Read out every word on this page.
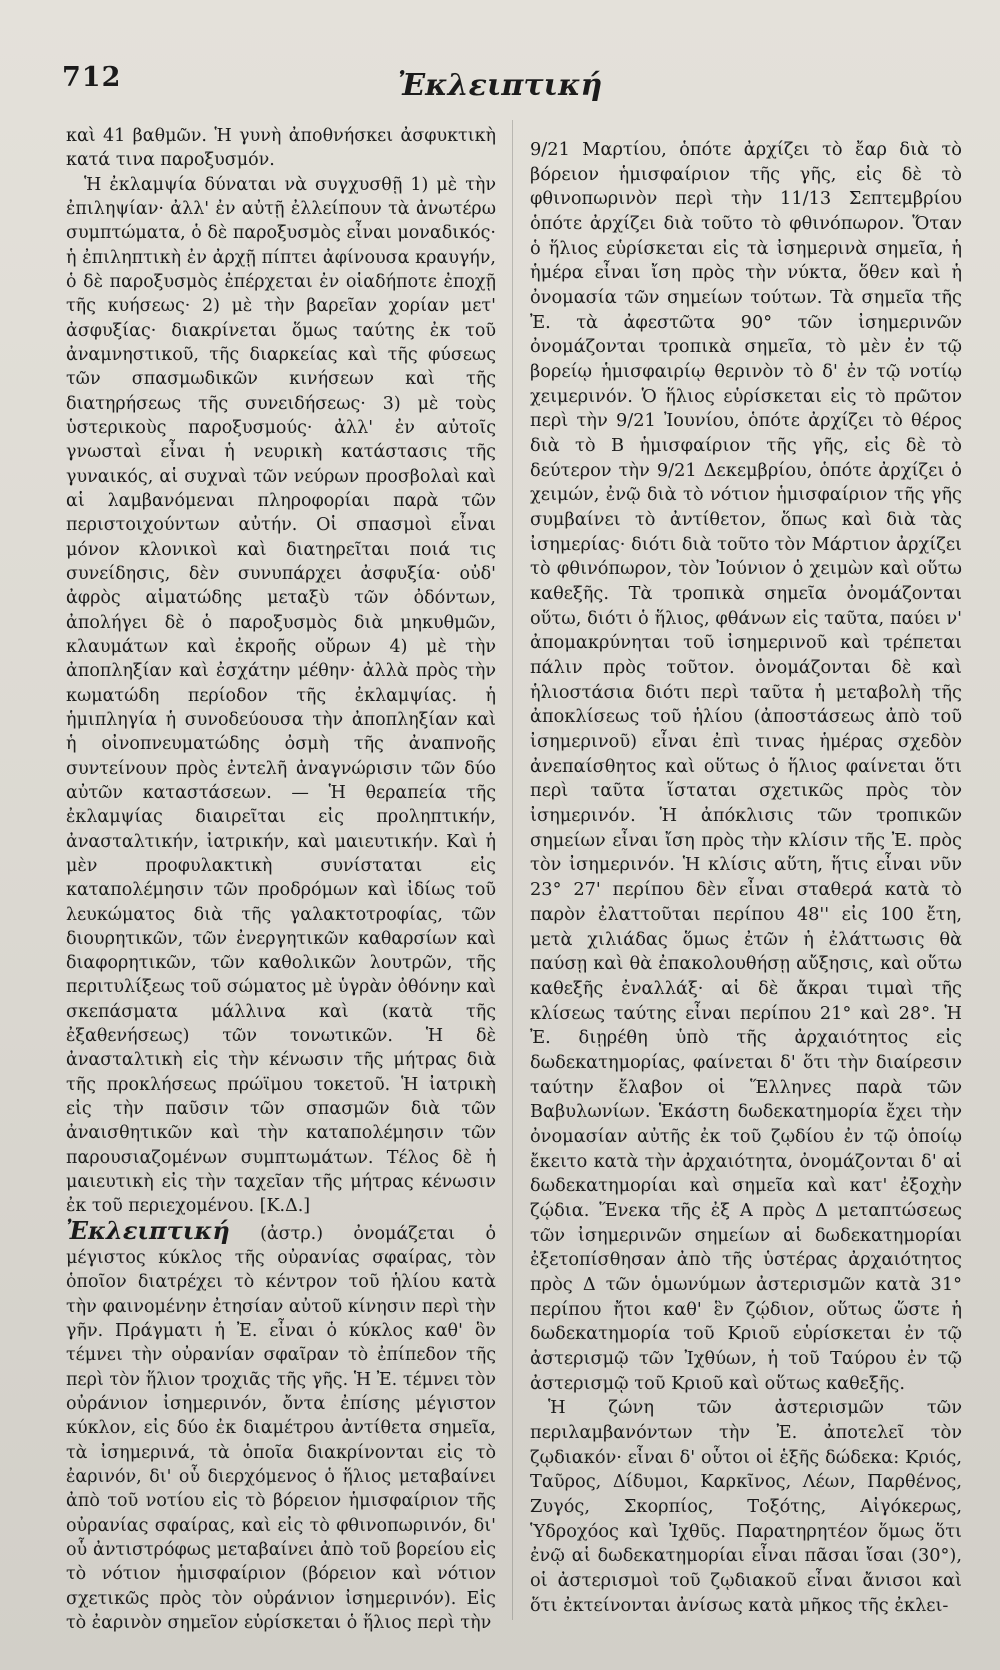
712	Ἐκλειπτική

καὶ 41 βαθμῶν. Ἡ γυνὴ ἀποθνήσκει ἀσφυκτικὴ κατά τινα παροξυσμόν.

Ἡ ἐκλαμψία δύναται νὰ συγχυσθῇ 1) μὲ τὴν ἐπιληψίαν· ἀλλ' ἐν αὐτῇ ἐλλείπουν τὰ ἀνωτέρω συμπτώματα, ὁ δὲ παροξυσμὸς εἶναι μοναδικός· ἡ ἐπιληπτικὴ ἐν ἀρχῇ πίπτει ἀφίνουσα κραυγήν, ὁ δὲ παροξυσμὸς ἐπέρχεται ἐν οἱαδήποτε ἐποχῇ τῆς κυήσεως· 2) μὲ τὴν βαρεῖαν χορίαν μετ' ἀσφυξίας· διακρίνεται ὅμως ταύτης ἐκ τοῦ ἀναμνηστικοῦ, τῆς διαρκείας καὶ τῆς φύσεως τῶν σπασμωδικῶν κινήσεων καὶ τῆς διατηρήσεως τῆς συνειδήσεως· 3) μὲ τοὺς ὑστερικοὺς παροξυσμούς· ἀλλ' ἐν αὐτοῖς γνωσταὶ εἶναι ἡ νευρικὴ κατάστασις τῆς γυναικός, αἱ συχναὶ τῶν νεύρων προσβολαὶ καὶ αἱ λαμβανόμεναι πληροφορίαι παρὰ τῶν περιστοιχούντων αὐτήν. Οἱ σπασμοὶ εἶναι μόνον κλονικοὶ καὶ διατηρεῖται ποιά τις συνείδησις, δὲν συνυπάρχει ἀσφυξία· οὐδ' ἀφρὸς αἱματώδης μεταξὺ τῶν ὀδόντων, ἀπολήγει δὲ ὁ παροξυσμὸς διὰ μηκυθμῶν, κλαυμάτων καὶ ἐκροῆς οὔρων 4) μὲ τὴν ἀποπληξίαν καὶ ἐσχάτην μέθην· ἀλλὰ πρὸς τὴν κωματώδη περίοδον τῆς ἐκλαμψίας. ἡ ἡμιπληγία ἡ συνοδεύουσα τὴν ἀποπληξίαν καὶ ἡ οἰνοπνευματώδης ὀσμὴ τῆς ἀναπνοῆς συντείνουν πρὸς ἐντελῆ ἀναγνώρισιν τῶν δύο αὐτῶν καταστάσεων. — Ἡ θεραπεία τῆς ἐκλαμψίας διαιρεῖται εἰς προληπτικήν, ἀνασταλτικήν, ἰατρικήν, καὶ μαιευτικήν. Καὶ ἡ μὲν προφυλακτικὴ συνίσταται εἰς καταπολέμησιν τῶν προδρόμων καὶ ἰδίως τοῦ λευκώματος διὰ τῆς γαλακτοτροφίας, τῶν διουρητικῶν, τῶν ἐνεργητικῶν καθαρσίων καὶ διαφορητικῶν, τῶν καθολικῶν λουτρῶν, τῆς περιτυλίξεως τοῦ σώματος μὲ ὑγρὰν ὀθόνην καὶ σκεπάσματα μάλλινα καὶ (κατὰ τῆς ἐξαθενήσεως) τῶν τονωτικῶν. Ἡ δὲ ἀνασταλτικὴ εἰς τὴν κένωσιν τῆς μήτρας διὰ τῆς προκλήσεως πρώϊμου τοκετοῦ. Ἡ ἰατρικὴ εἰς τὴν παῦσιν τῶν σπασμῶν διὰ τῶν ἀναισθητικῶν καὶ τὴν καταπολέμησιν τῶν παρουσιαζομένων συμπτωμάτων. Τέλος δὲ ἡ μαιευτικὴ εἰς τὴν ταχεῖαν τῆς μήτρας κένωσιν ἐκ τοῦ περιεχομένου. [Κ.Δ.]

Ἐκλειπτική (ἀστρ.) ὀνομάζεται ὁ μέγιστος κύκλος τῆς οὐρανίας σφαίρας, τὸν ὁποῖον διατρέχει τὸ κέντρον τοῦ ἡλίου κατὰ τὴν φαινομένην ἐτησίαν αὐτοῦ κίνησιν περὶ τὴν γῆν. Πράγματι ἡ Ἐ. εἶναι ὁ κύκλος καθ' ὃν τέμνει τὴν οὐρανίαν σφαῖραν τὸ ἐπίπεδον τῆς περὶ τὸν ἥλιον τροχιᾶς τῆς γῆς. Ἡ Ἐ. τέμνει τὸν οὐράνιον ἰσημερινόν, ὄντα ἐπίσης μέγιστον κύκλον, εἰς δύο ἐκ διαμέτρου ἀντίθετα σημεῖα, τὰ ἰσημερινά, τὰ ὁποῖα διακρίνονται εἰς τὸ ἐαρινόν, δι' οὗ διερχόμενος ὁ ἥλιος μεταβαίνει ἀπὸ τοῦ νοτίου εἰς τὸ βόρειον ἡμισφαίριον τῆς οὐρανίας σφαίρας, καὶ εἰς τὸ φθινοπωρινόν, δι' οὗ ἀντιστρόφως μεταβαίνει ἀπὸ τοῦ βορείου εἰς τὸ νότιον ἡμισφαίριον (βόρειον καὶ νότιον σχετικῶς πρὸς τὸν οὐράνιον ἰσημερινόν). Εἰς τὸ ἐαρινὸν σημεῖον εὑρίσκεται ὁ ἥλιος περὶ τὴν

9/21 Μαρτίου, ὁπότε ἀρχίζει τὸ ἔαρ διὰ τὸ βόρειον ἡμισφαίριον τῆς γῆς, εἰς δὲ τὸ φθινοπωρινὸν περὶ τὴν 11/13 Σεπτεμβρίου ὁπότε ἀρχίζει διὰ τοῦτο τὸ φθινόπωρον. Ὅταν ὁ ἥλιος εὑρίσκεται εἰς τὰ ἰσημερινὰ σημεῖα, ἡ ἡμέρα εἶναι ἴση πρὸς τὴν νύκτα, ὅθεν καὶ ἡ ὀνομασία τῶν σημείων τούτων. Τὰ σημεῖα τῆς Ἐ. τὰ ἀφεστῶτα 90° τῶν ἰσημερινῶν ὀνομάζονται τροπικὰ σημεῖα, τὸ μὲν ἐν τῷ βορείῳ ἡμισφαιρίῳ θερινὸν τὸ δ' ἐν τῷ νοτίῳ χειμερινόν. Ὁ ἥλιος εὑρίσκεται εἰς τὸ πρῶτον περὶ τὴν 9/21 Ἰουνίου, ὁπότε ἀρχίζει τὸ θέρος διὰ τὸ Β ἡμισφαίριον τῆς γῆς, εἰς δὲ τὸ δεύτερον τὴν 9/21 Δεκεμβρίου, ὁπότε ἀρχίζει ὁ χειμών, ἐνῷ διὰ τὸ νότιον ἡμισφαίριον τῆς γῆς συμβαίνει τὸ ἀντίθετον, ὅπως καὶ διὰ τὰς ἰσημερίας· διότι διὰ τοῦτο τὸν Μάρτιον ἀρχίζει τὸ φθινόπωρον, τὸν Ἰούνιον ὁ χειμὼν καὶ οὕτω καθεξῆς. Τὰ τροπικὰ σημεῖα ὀνομάζονται οὕτω, διότι ὁ ἥλιος, φθάνων εἰς ταῦτα, παύει ν' ἀπομακρύνηται τοῦ ἰσημερινοῦ καὶ τρέπεται πάλιν πρὸς τοῦτον. ὀνομάζονται δὲ καὶ ἡλιοστάσια διότι περὶ ταῦτα ἡ μεταβολὴ τῆς ἀποκλίσεως τοῦ ἡλίου (ἀποστάσεως ἀπὸ τοῦ ἰσημερινοῦ) εἶναι ἐπὶ τινας ἡμέρας σχεδὸν ἀνεπαίσθητος καὶ οὕτως ὁ ἥλιος φαίνεται ὅτι περὶ ταῦτα ἵσταται σχετικῶς πρὸς τὸν ἰσημερινόν. Ἡ ἀπόκλισις τῶν τροπικῶν σημείων εἶναι ἴση πρὸς τὴν κλίσιν τῆς Ἐ. πρὸς τὸν ἰσημερινόν. Ἡ κλίσις αὕτη, ἥτις εἶναι νῦν 23° 27' περίπου δὲν εἶναι σταθερά κατὰ τὸ παρὸν ἐλαττοῦται περίπου 48'' εἰς 100 ἔτη, μετὰ χιλιάδας ὅμως ἐτῶν ἡ ἐλάττωσις θὰ παύσῃ καὶ θὰ ἐπακολουθήσῃ αὔξησις, καὶ οὕτω καθεξῆς ἐναλλάξ· αἱ δὲ ἄκραι τιμαὶ τῆς κλίσεως ταύτης εἶναι περίπου 21° καὶ 28°. Ἡ Ἐ. διῃρέθη ὑπὸ τῆς ἀρχαιότητος εἰς δωδεκατημορίας, φαίνεται δ' ὅτι τὴν διαίρεσιν ταύτην ἔλαβον οἱ Ἕλληνες παρὰ τῶν Βαβυλωνίων. Ἑκάστη δωδεκατημορία ἔχει τὴν ὀνομασίαν αὐτῆς ἐκ τοῦ ζῳδίου ἐν τῷ ὁποίῳ ἔκειτο κατὰ τὴν ἀρχαιότητα, ὀνομάζονται δ' αἱ δωδεκατημορίαι καὶ σημεῖα καὶ κατ' ἐξοχὴν ζῴδια. Ἕνεκα τῆς ἐξ Α πρὸς Δ μεταπτώσεως τῶν ἰσημερινῶν σημείων αἱ δωδεκατημορίαι ἐξετοπίσθησαν ἀπὸ τῆς ὑστέρας ἀρχαιότητος πρὸς Δ τῶν ὁμωνύμων ἀστερισμῶν κατὰ 31° περίπου ἤτοι καθ' ἓν ζῴδιον, οὕτως ὥστε ἡ δωδεκατημορία τοῦ Κριοῦ εὑρίσκεται ἐν τῷ ἀστερισμῷ τῶν Ἰχθύων, ἡ τοῦ Ταύρου ἐν τῷ ἀστερισμῷ τοῦ Κριοῦ καὶ οὕτως καθεξῆς.

Ἡ ζώνη τῶν ἀστερισμῶν τῶν περιλαμβανόντων τὴν Ἐ. ἀποτελεῖ τὸν ζῳδιακόν· εἶναι δ' οὗτοι οἱ ἑξῆς δώδεκα: Κριός, Ταῦρος, Δίδυμοι, Καρκῖνος, Λέων, Παρθένος, Ζυγός, Σκορπίος, Τοξότης, Αἰγόκερως, Ὑδροχόος καὶ Ἰχθῦς. Παρατηρητέον ὅμως ὅτι ἐνῷ αἱ δωδεκατημορίαι εἶναι πᾶσαι ἴσαι (30°), οἱ ἀστερισμοὶ τοῦ ζῳδιακοῦ εἶναι ἄνισοι καὶ ὅτι ἐκτείνονται ἀνίσως κατὰ μῆκος τῆς ἐκλει-
